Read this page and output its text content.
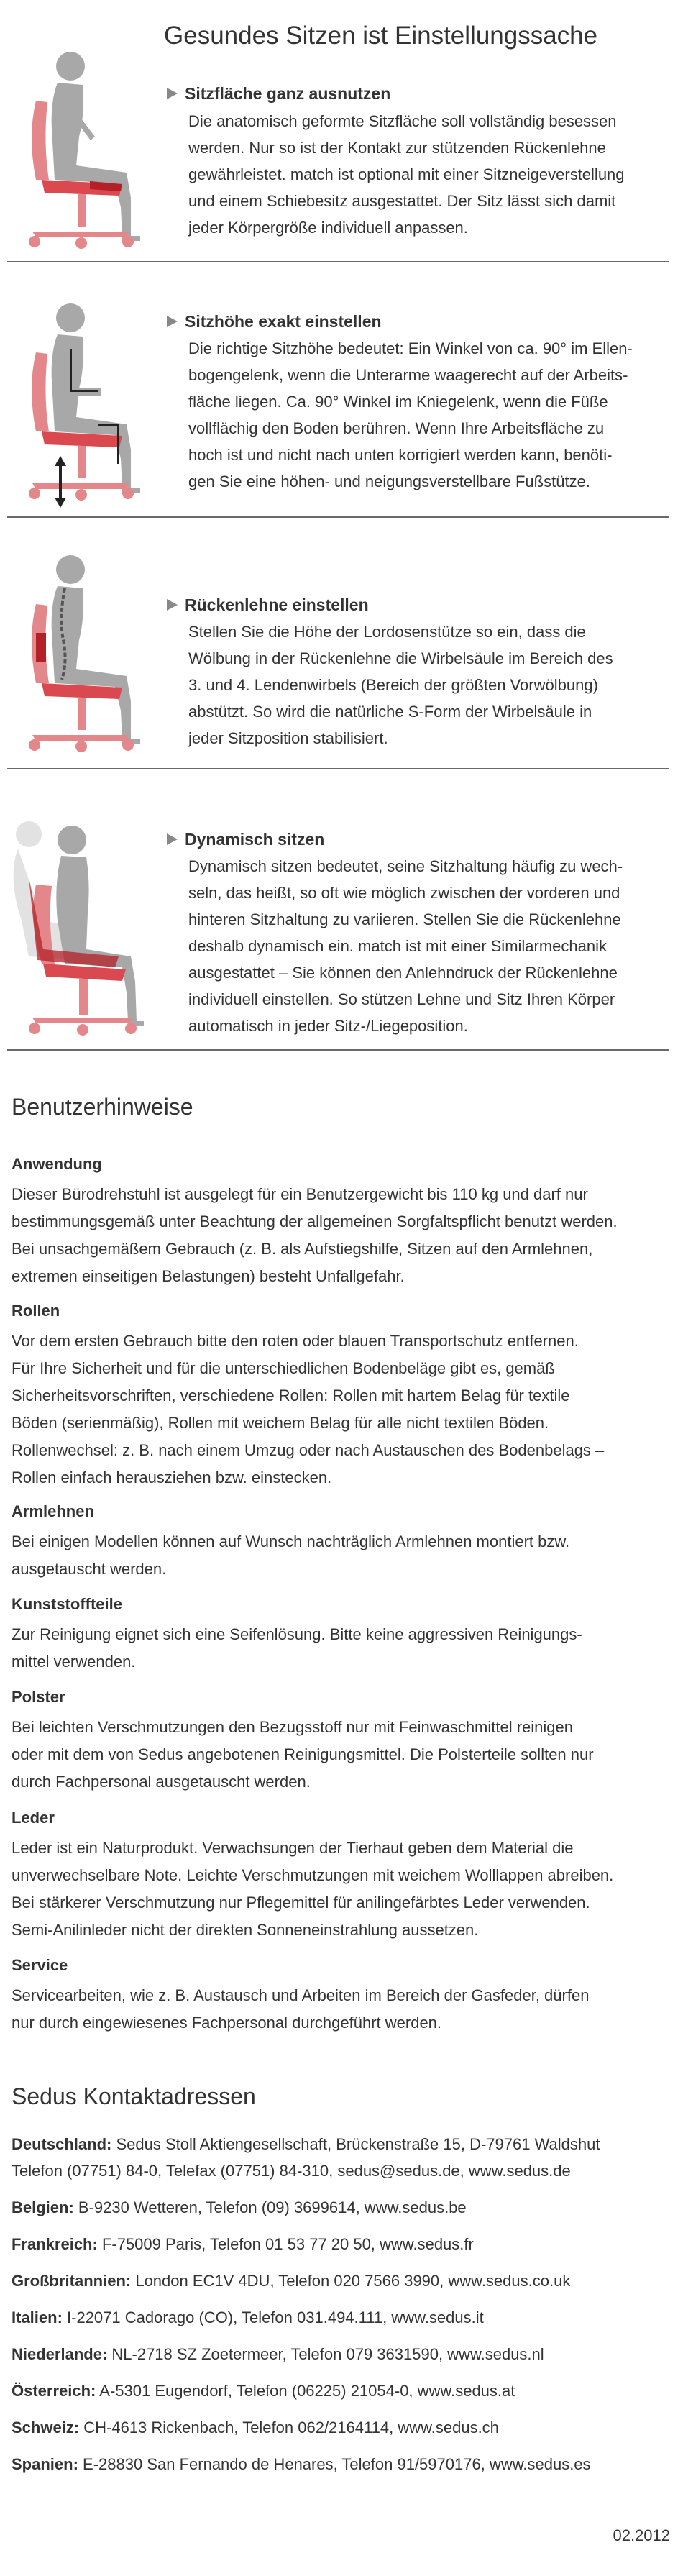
Gesundes Sitzen ist Einstellungssache
Sitzfläche ganz ausnutzen
Die anatomisch geformte Sitzfläche soll vollständig besessen
werden. Nur so ist der Kontakt zur stützenden Rückenlehne
gewährleistet. match ist optional mit einer Sitzneigeverstellung
und einem Schiebesitz ausgestattet. Der Sitz lässt sich damit
jeder Körpergröße individuell anpassen.
Sitzhöhe exakt einstellen
Die richtige Sitzhöhe bedeutet: Ein Winkel von ca. 90° im Ellen-
bogengelenk, wenn die Unterarme waagerecht auf der Arbeits-
fläche liegen. Ca. 90° Winkel im Kniegelenk, wenn die Füße
vollflächig den Boden berühren. Wenn Ihre Arbeitsfläche zu
hoch ist und nicht nach unten korrigiert werden kann, benöti-
gen Sie eine höhen- und neigungsverstellbare Fußstütze.
Rückenlehne einstellen
Stellen Sie die Höhe der Lordosenstütze so ein, dass die
Wölbung in der Rückenlehne die Wirbelsäule im Bereich des
3. und 4. Lendenwirbels (Bereich der größten Vorwölbung)
abstützt. So wird die natürliche S-Form der Wirbelsäule in
jeder Sitzposition stabilisiert.
Dynamisch sitzen
Dynamisch sitzen bedeutet, seine Sitzhaltung häufig zu wech-
seln, das heißt, so oft wie möglich zwischen der vorderen und
hinteren Sitzhaltung zu variieren. Stellen Sie die Rückenlehne
deshalb dynamisch ein. match ist mit einer Similarmechanik
ausgestattet – Sie können den Anlehndruck der Rückenlehne
individuell einstellen. So stützen Lehne und Sitz Ihren Körper
automatisch in jeder Sitz-/Liegeposition.
Benutzerhinweise
Anwendung

Dieser Bürodrehstuhl ist ausgelegt für ein Benutzergewicht bis 110 kg und darf nur
bestimmungsgemäß unter Beachtung der allgemeinen Sorgfaltspflicht benutzt werden.
Bei unsachgemäßem Gebrauch (z. B. als Aufstiegshilfe, Sitzen auf den Armlehnen,
extremen einseitigen Belastungen) besteht Unfallgefahr.

Rollen

Vor dem ersten Gebrauch bitte den roten oder blauen Transportschutz entfernen.
Für Ihre Sicherheit und für die unterschiedlichen Bodenbeläge gibt es, gemäß
Sicherheitsvorschriften, verschiedene Rollen: Rollen mit hartem Belag für textile
Böden (serienmäßig), Rollen mit weichem Belag für alle nicht textilen Böden.
Rollenwechsel: z. B. nach einem Umzug oder nach Austauschen des Bodenbelags –
Rollen einfach herausziehen bzw. einstecken.

Armlehnen

Bei einigen Modellen können auf Wunsch nachträglich Armlehnen montiert bzw.
ausgetauscht werden.

Kunststoffteile

Zur Reinigung eignet sich eine Seifenlösung. Bitte keine aggressiven Reinigungs-
mittel verwenden.

Polster

Bei leichten Verschmutzungen den Bezugsstoff nur mit Feinwaschmittel reinigen
oder mit dem von Sedus angebotenen Reinigungsmittel. Die Polsterteile sollten nur
durch Fachpersonal ausgetauscht werden.

Leder

Leder ist ein Naturprodukt. Verwachsungen der Tierhaut geben dem Material die
unverwechselbare Note. Leichte Verschmutzungen mit weichem Wolllappen abreiben.
Bei stärkerer Verschmutzung nur Pflegemittel für anilingefärbtes Leder verwenden.
Semi-Anilinleder nicht der direkten Sonneneinstrahlung aussetzen.

Service

Servicearbeiten, wie z. B. Austausch und Arbeiten im Bereich der Gasfeder, dürfen
nur durch eingewiesenes Fachpersonal durchgeführt werden.

Sedus Kontaktadressen
Deutschland: Sedus Stoll Aktiengesellschaft, Brückenstraße 15, D-79761 Waldshut
Telefon (07751) 84-0, Telefax (07751) 84-310, sedus@sedus.de, www.sedus.de
Belgien: B-9230 Wetteren, Telefon (09) 3699614, www.sedus.be
Frankreich: F-75009 Paris, Telefon 01 53 77 20 50, www.sedus.fr
Großbritannien: London EC1V 4DU, Telefon 020 7566 3990, www.sedus.co.uk
Italien: I-22071 Cadorago (CO), Telefon 031.494.111, www.sedus.it
Niederlande: NL-2718 SZ Zoetermeer, Telefon 079 3631590, www.sedus.nl
Österreich: A-5301 Eugendorf, Telefon (06225) 21054-0, www.sedus.at
Schweiz: CH-4613 Rickenbach, Telefon 062/2164114, www.sedus.ch
Spanien: E-28830 San Fernando de Henares, Telefon 91/5970176, www.sedus.es
02.2012
